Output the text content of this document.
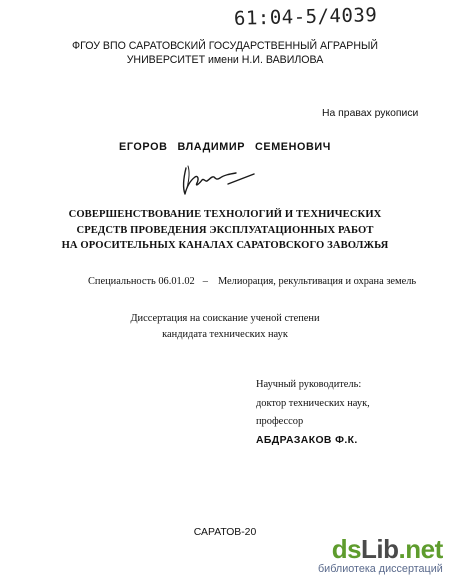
61:04-5/4039
ФГОУ ВПО САРАТОВСКИЙ ГОСУДАРСТВЕННЫЙ АГРАРНЫЙ
УНИВЕРСИТЕТ имени Н.И. ВАВИЛОВА
На правах рукописи
ЕГОРОВ ВЛАДИМИР СЕМЕНОВИЧ
СОВЕРШЕНСТВОВАНИЕ ТЕХНОЛОГИЙ И ТЕХНИЧЕСКИХ
СРЕДСТВ ПРОВЕДЕНИЯ ЭКСПЛУАТАЦИОННЫХ РАБОТ
НА ОРОСИТЕЛЬНЫХ КАНАЛАХ САРАТОВСКОГО ЗАВОЛЖЬЯ
Специальность 06.01.02 – Мелиорация, рекультивация и охрана земель
Диссертация на соискание ученой степени
кандидата технических наук
Научный руководитель:
доктор технических наук,
профессор
АБДРАЗАКОВ Ф.К.
САРАТОВ-20
dsLib.net
библиотека диссертаций
